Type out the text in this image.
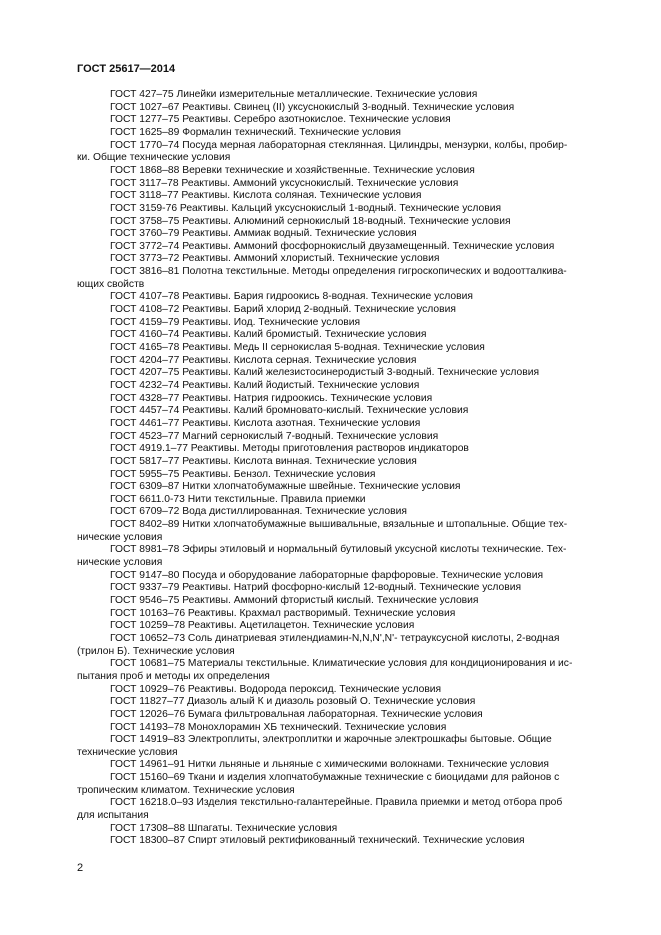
ГОСТ 25617—2014
ГОСТ 427–75 Линейки измерительные металлические. Технические условия
ГОСТ 1027–67 Реактивы. Свинец (II) уксуснокислый 3-водный. Технические условия
ГОСТ 1277–75 Реактивы. Серебро азотнокислое. Технические условия
ГОСТ 1625–89 Формалин технический. Технические условия
ГОСТ 1770–74 Посуда мерная лабораторная стеклянная. Цилиндры, мензурки, колбы, пробир-
ки. Общие технические условия
ГОСТ 1868–88 Веревки технические и хозяйственные. Технические условия
ГОСТ 3117–78 Реактивы. Аммоний уксуснокислый. Технические условия
ГОСТ 3118–77 Реактивы. Кислота соляная. Технические условия
ГОСТ 3159-76 Реактивы. Кальций уксуснокислый 1-водный. Технические условия
ГОСТ 3758–75 Реактивы. Алюминий сернокислый 18-водный. Технические условия
ГОСТ 3760–79 Реактивы. Аммиак водный. Технические условия
ГОСТ 3772–74 Реактивы. Аммоний фосфорнокислый двузамещенный. Технические условия
ГОСТ 3773–72 Реактивы. Аммоний хлористый. Технические условия
ГОСТ 3816–81 Полотна текстильные. Методы определения гигроскопических и водоотталкива-
ющих свойств
ГОСТ 4107–78 Реактивы. Бария гидроокись 8-водная. Технические условия
ГОСТ 4108–72 Реактивы. Барий хлорид 2-водный. Технические условия
ГОСТ 4159–79 Реактивы. Иод. Технические условия
ГОСТ 4160–74 Реактивы. Калий бромистый. Технические условия
ГОСТ 4165–78 Реактивы. Медь II сернокислая 5-водная. Технические условия
ГОСТ 4204–77 Реактивы. Кислота серная. Технические условия
ГОСТ 4207–75 Реактивы. Калий железистосинеродистый 3-водный. Технические условия
ГОСТ 4232–74 Реактивы. Калий йодистый. Технические условия
ГОСТ 4328–77 Реактивы. Натрия гидроокись. Технические условия
ГОСТ 4457–74 Реактивы. Калий бромновато-кислый. Технические условия
ГОСТ 4461–77 Реактивы. Кислота азотная. Технические условия
ГОСТ 4523–77 Магний сернокислый 7-водный. Технические условия
ГОСТ 4919.1–77 Реактивы. Методы приготовления растворов индикаторов
ГОСТ 5817–77 Реактивы. Кислота винная. Технические условия
ГОСТ 5955–75 Реактивы. Бензол. Технические условия
ГОСТ 6309–87 Нитки хлопчатобумажные швейные. Технические условия
ГОСТ 6611.0-73 Нити текстильные. Правила приемки
ГОСТ 6709–72 Вода дистиллированная. Технические условия
ГОСТ 8402–89 Нитки хлопчатобумажные вышивальные, вязальные и штопальные. Общие тех-
нические условия
ГОСТ 8981–78 Эфиры этиловый и нормальный бутиловый уксусной кислоты технические. Тех-
нические условия
ГОСТ 9147–80 Посуда и оборудование лабораторные фарфоровые. Технические условия
ГОСТ 9337–79 Реактивы. Натрий фосфорно-кислый 12-водный. Технические условия
ГОСТ 9546–75 Реактивы. Аммоний фтористый кислый. Технические условия
ГОСТ 10163–76 Реактивы. Крахмал растворимый. Технические условия
ГОСТ 10259–78 Реактивы. Ацетилацетон. Технические условия
ГОСТ 10652–73 Соль динатриевая этилендиамин-N,N,N',N'- тетрауксусной кислоты, 2-водная
(трилон Б). Технические условия
ГОСТ 10681–75 Материалы текстильные. Климатические условия для кондиционирования и ис-
пытания проб и методы их определения
ГОСТ 10929–76 Реактивы. Водорода пероксид. Технические условия
ГОСТ 11827–77 Диазоль алый К и диазоль розовый О. Технические условия
ГОСТ 12026–76 Бумага фильтровальная лабораторная. Технические условия
ГОСТ 14193–78 Монохлорамин ХБ технический. Технические условия
ГОСТ 14919–83 Электроплиты, электроплитки и жарочные электрошкафы бытовые. Общие
технические условия
ГОСТ 14961–91 Нитки льняные и льняные с химическими волокнами. Технические условия
ГОСТ 15160–69 Ткани и изделия хлопчатобумажные технические с биоцидами для районов с
тропическим климатом. Технические условия
ГОСТ 16218.0–93 Изделия текстильно-галантерейные. Правила приемки и метод отбора проб
для испытания
ГОСТ 17308–88 Шпагаты. Технические условия
ГОСТ 18300–87 Спирт этиловый ректификованный технический. Технические условия
2
